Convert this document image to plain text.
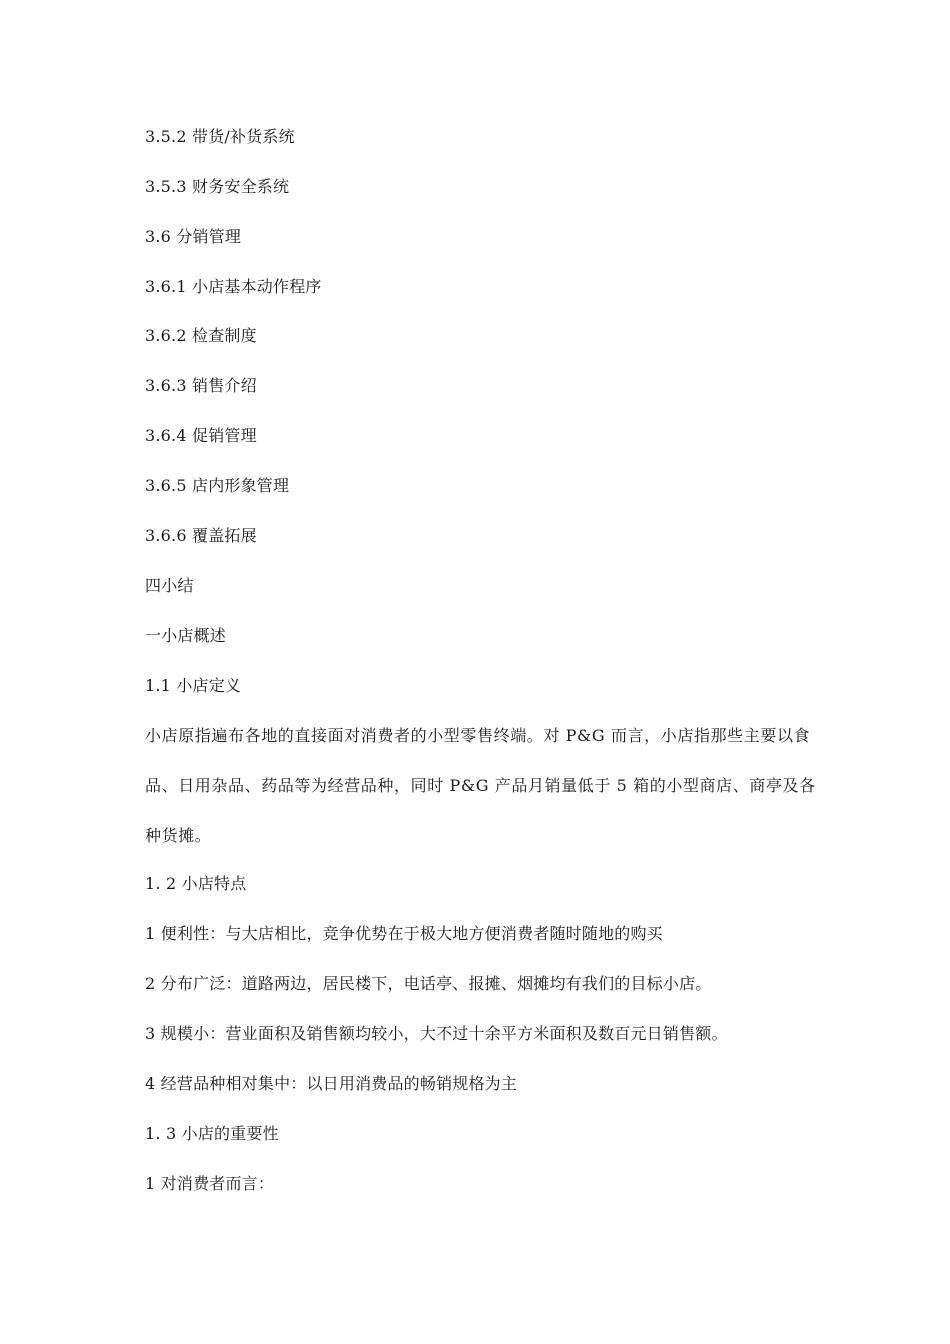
3.5.2 带货/补货系统
3.5.3 财务安全系统
3.6 分销管理
3.6.1 小店基本动作程序
3.6.2 检查制度
3.6.3 销售介绍
3.6.4 促销管理
3.6.5 店内形象管理
3.6.6 覆盖拓展
四小结
一小店概述
1.1 小店定义
小店原指遍布各地的直接面对消费者的小型零售终端。对 P&G 而言，小店指那些主要以食
品、日用杂品、药品等为经营品种，同时 P&G 产品月销量低于 5 箱的小型商店、商亭及各
种货摊。
1. 2 小店特点
1 便利性：与大店相比，竞争优势在于极大地方便消费者随时随地的购买
2 分布广泛：道路两边，居民楼下，电话亭、报摊、烟摊均有我们的目标小店。
3 规模小：营业面积及销售额均较小，大不过十余平方米面积及数百元日销售额。
4 经营品种相对集中：以日用消费品的畅销规格为主
1. 3 小店的重要性
1 对消费者而言：
